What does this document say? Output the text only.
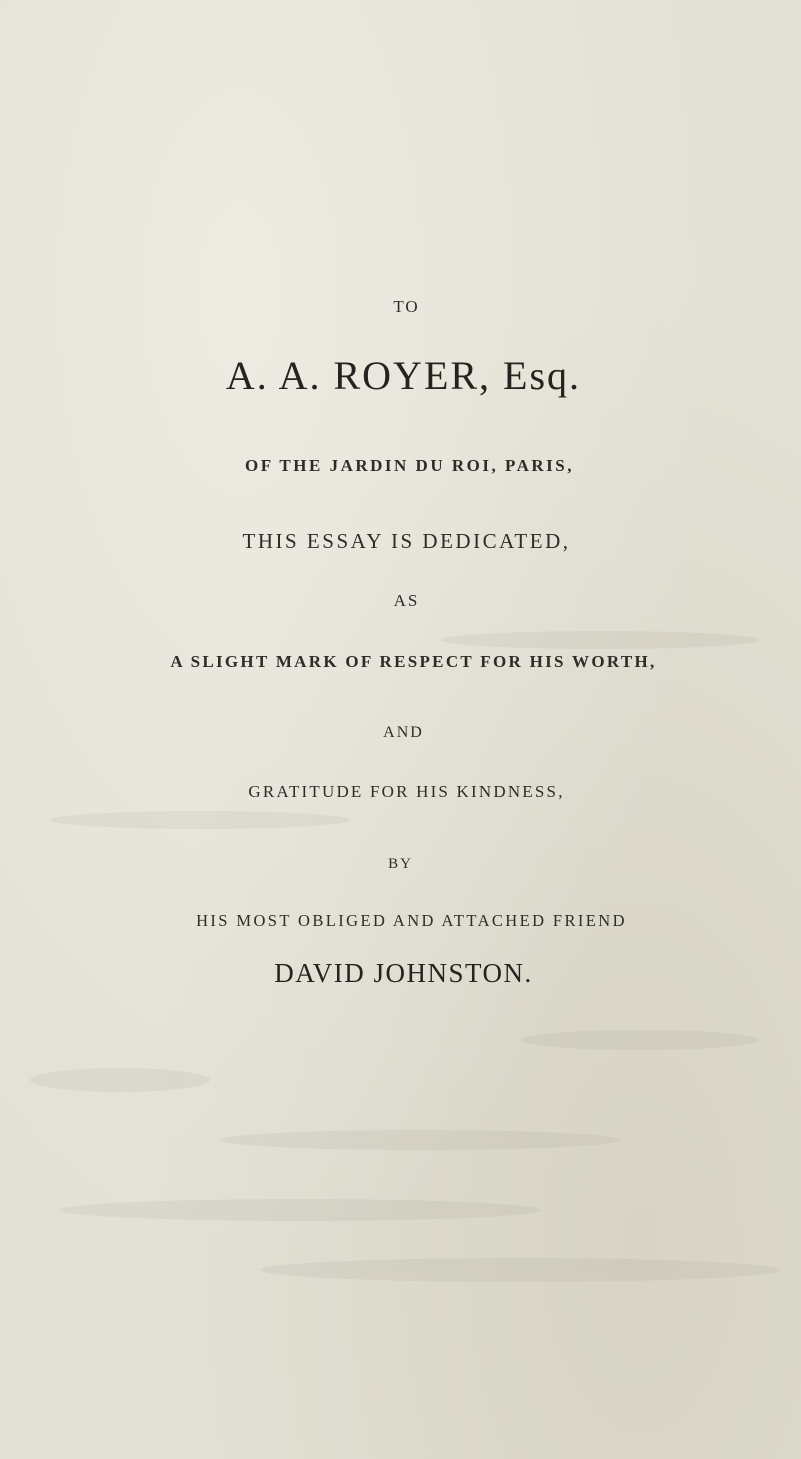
TO

A. A. ROYER, Esq.

OF THE JARDIN DU ROI, PARIS,

THIS ESSAY IS DEDICATED,

AS

A SLIGHT MARK OF RESPECT FOR HIS WORTH,

AND

GRATITUDE FOR HIS KINDNESS,

BY

HIS MOST OBLIGED AND ATTACHED FRIEND

DAVID JOHNSTON.
